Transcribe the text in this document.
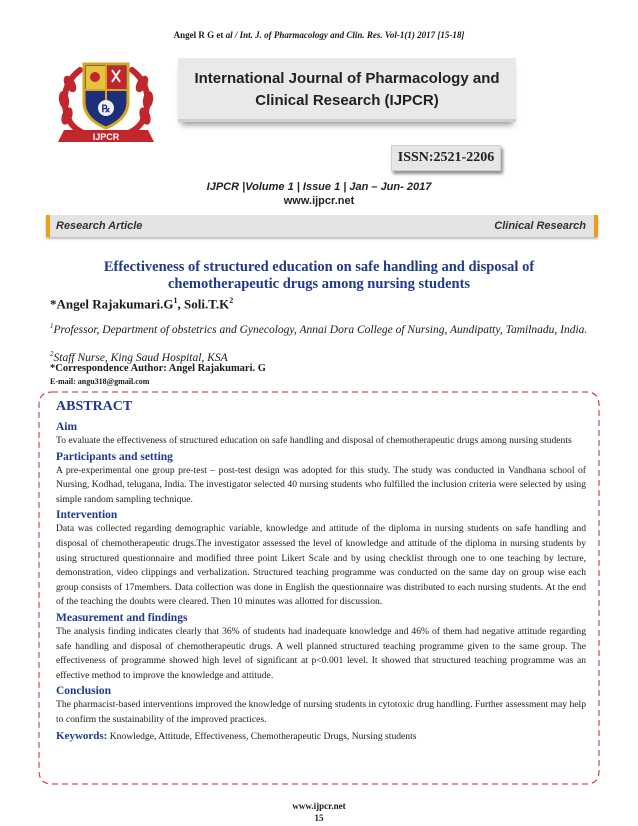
Angel R G et al / Int. J. of Pharmacology and Clin. Res. Vol-1(1) 2017 [15-18]
℞
IJPCR
International Journal of Pharmacology and
Clinical Research (IJPCR)
ISSN:2521-2206
IJPCR |Volume 1 | Issue 1 | Jan – Jun- 2017
www.ijpcr.net
Research Article	Clinical Research
Effectiveness of structured education on safe handling and disposal of
chemotherapeutic drugs among nursing students
*Angel $Rajakumari.G^1$, $Soli.T.K^2$
$^1$Professor, Department of obstetrics and Gynecology, Annai Dora College of Nursing, Aundipatty, Tamilnadu, India.
$^2$Staff Nurse, King Saud Hospital, KSA
*Correspondence Author: Angel Rajakumari. G
E-mail: angu318@gmail.com
ABSTRACT
Aim
To evaluate the effectiveness of structured education on safe handling and disposal of chemotherapeutic drugs among nursing students
Participants and setting
A pre-experimental one group pre-test – post-test design was adopted for this study. The study was conducted in Vandhana school of Nursing, Kodhad, telugana, India. The investigator selected 40 nursing students who fulfilled the inclusion criteria were selected by using simple random sampling technique.
Intervention
Data was collected regarding demographic variable, knowledge and attitude of the diploma in nursing students on safe handling and disposal of chemotherapeutic drugs.The investigator assessed the level of knowledge and attitude of the diploma in nursing students by using structured questionnaire and modified three point Likert Scale and by using checklist through one to one teaching by lecture, demonstration, video clippings and verbalization. Structured teaching programme was conducted on the same day on group wise each group consists of 17members. Data collection was done in English the questionnaire was distributed to each nursing students. At the end of the teaching the doubts were cleared. Then 10 minutes was allotted for discussion.
Measurement and findings
The analysis finding indicates clearly that 36% of students had inadequate knowledge and 46% of them had negative attitude regarding safe handling and disposal of chemotherapeutic drugs. A well planned structured teaching programme given to the same group. The effectiveness of programme showed high level of significant at p<0.001 level. It showed that structured teaching programme was an effective method to improve the knowledge and attitude.
Conclusion
The pharmacist-based interventions improved the knowledge of nursing students in cytotoxic drug handling. Further assessment may help to confirm the sustainability of the improved practices.
Keywords: Knowledge, Attitude, Effectiveness, Chemotherapeutic Drugs, Nursing students
www.ijpcr.net
15
